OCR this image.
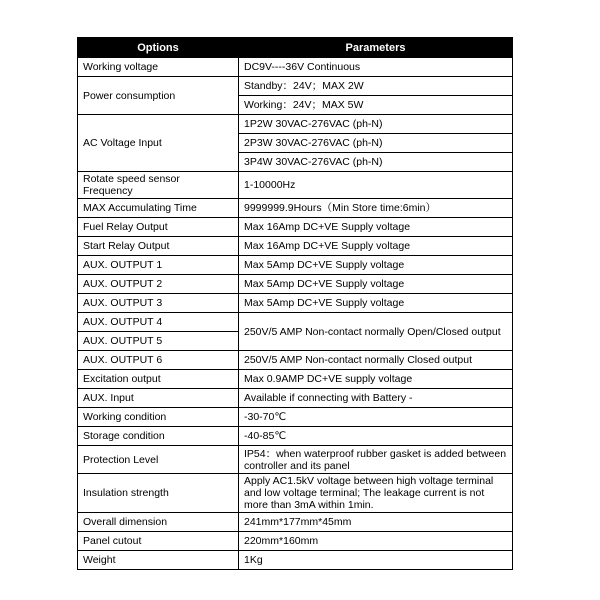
Options	Parameters
Working voltage	DC9V----36V Continuous
Power consumption	Standby：24V；MAX 2W
	Working：24V；MAX 5W
AC Voltage Input	1P2W 30VAC-276VAC (ph-N)
	2P3W 30VAC-276VAC (ph-N)
	3P4W 30VAC-276VAC (ph-N)
Rotate speed sensor
Frequency	1-10000Hz
MAX Accumulating Time	9999999.9Hours（Min Store time:6min）
Fuel Relay Output	Max 16Amp DC+VE Supply voltage
Start Relay Output	Max 16Amp DC+VE Supply voltage
AUX. OUTPUT 1	Max 5Amp DC+VE Supply voltage
AUX. OUTPUT 2	Max 5Amp DC+VE Supply voltage
AUX. OUTPUT 3	Max 5Amp DC+VE Supply voltage
AUX. OUTPUT 4	250V/5 AMP Non-contact normally Open/Closed output
AUX. OUTPUT 5	
AUX. OUTPUT 6	250V/5 AMP Non-contact normally Closed output
Excitation output	Max 0.9AMP DC+VE supply voltage
AUX. Input	Available if connecting with Battery -
Working condition	-30-70℃
Storage condition	-40-85℃
Protection Level	IP54：when waterproof rubber gasket is added between controller and its panel
Insulation strength	Apply AC1.5kV voltage between high voltage terminal and low voltage terminal; The leakage current is not more than 3mA within 1min.
Overall dimension	241mm*177mm*45mm
Panel cutout	220mm*160mm
Weight	1Kg
